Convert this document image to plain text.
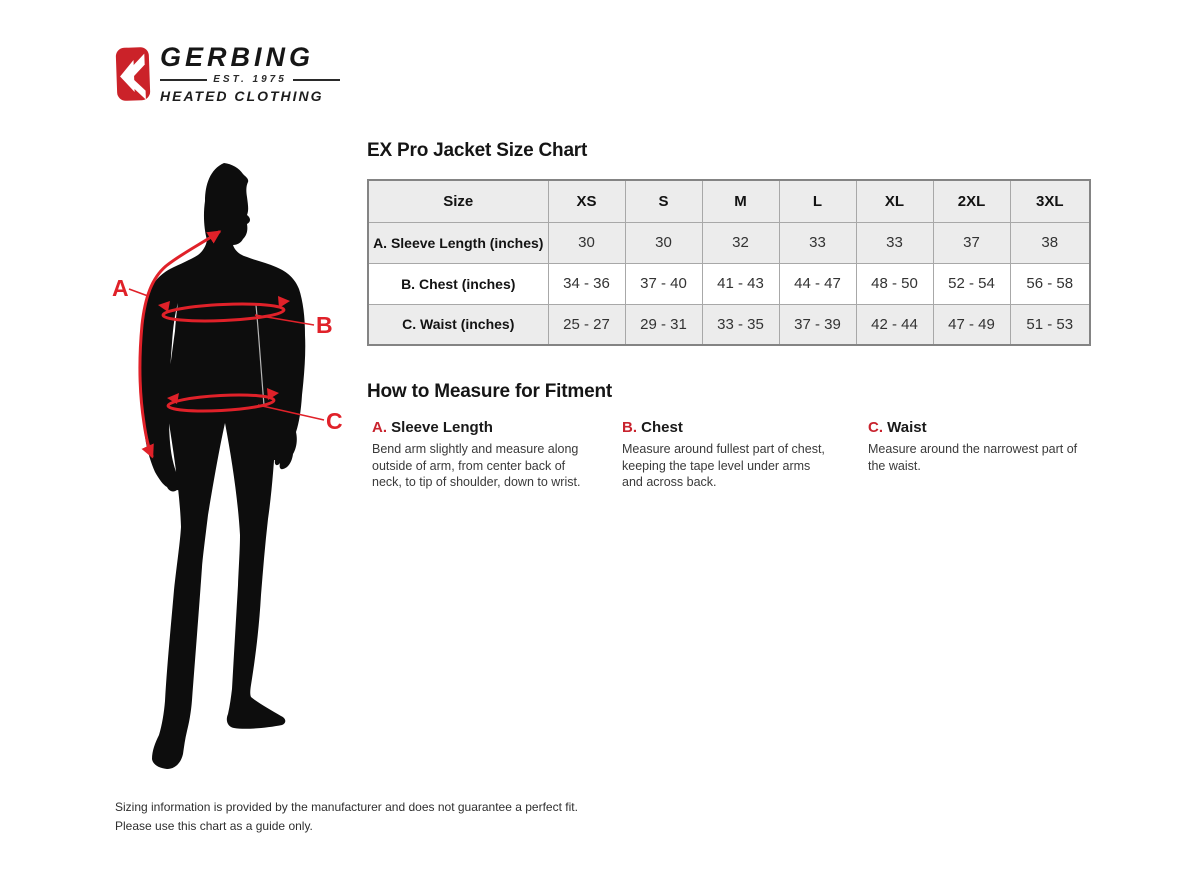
GERBING
EST. 1975
HEATED CLOTHING
A
B
C
EX Pro Jacket Size Chart
Size	XS	S	M	L	XL	2XL	3XL
A. Sleeve Length (inches)	30	30	32	33	33	37	38
B. Chest (inches)	34 - 36	37 - 40	41 - 43	44 - 47	48 - 50	52 - 54	56 - 58
C. Waist (inches)	25 - 27	29 - 31	33 - 35	37 - 39	42 - 44	47 - 49	51 - 53
How to Measure for Fitment
A. Sleeve Length
Bend arm slightly and measure along outside of arm, from center back of neck, to tip of shoulder, down to wrist.
B. Chest
Measure around fullest part of chest, keeping the tape level under arms and across back.
C. Waist
Measure around the narrowest part of the waist.
Sizing information is provided by the manufacturer and does not guarantee a perfect fit.
Please use this chart as a guide only.
